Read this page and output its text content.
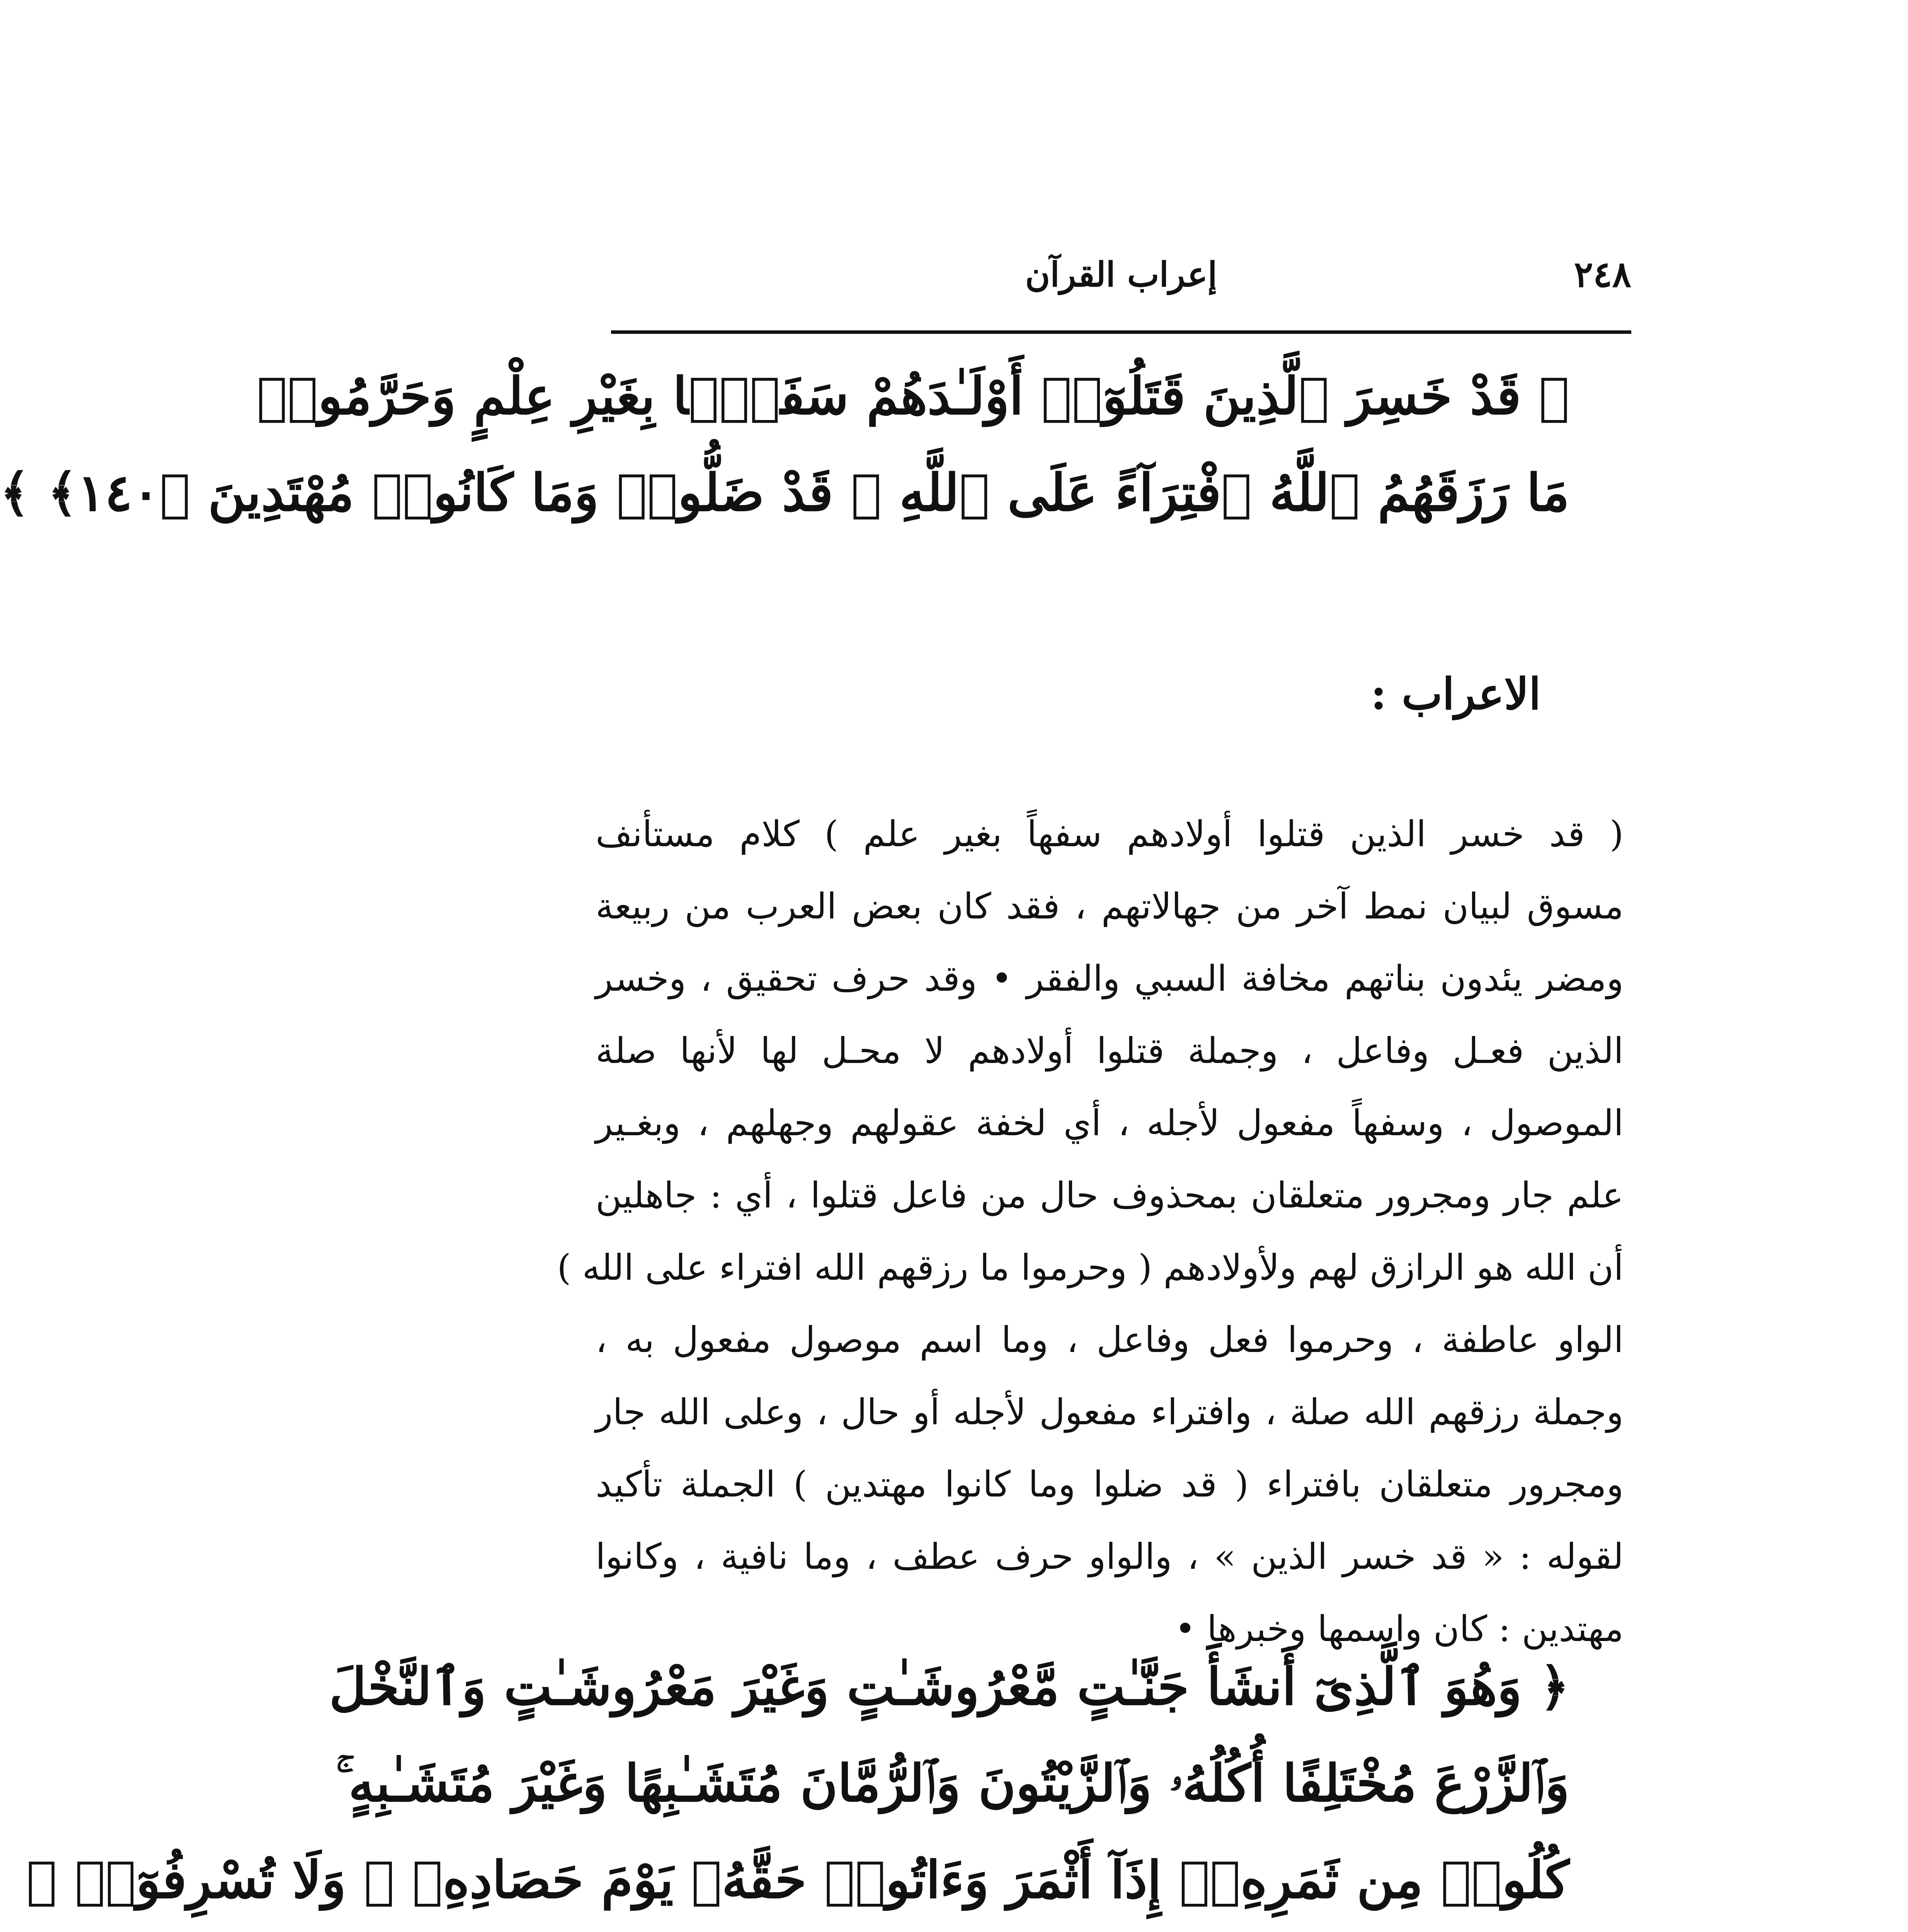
٢٤٨
إعراب القرآن
﴿ قَدْ خَسِرَ ٱلَّذِينَ قَتَلُوٓا۟ أَوْلَـٰدَهُمْ سَفَهًۢا بِغَيْرِ عِلْمٍ وَحَرَّمُوا۟
مَا رَزَقَهُمُ ٱللَّهُ ٱفْتِرَآءً عَلَى ٱللَّهِ ۚ قَدْ ضَلُّوا۟ وَمَا كَانُوا۟ مُهْتَدِينَ ﴿١٤٠﴾ ﴾
الاعراب :
( قد خسر الذين قتلوا أولادهم سفهاً بغير علم ) كلام مستأنف
مسوق لبيان نمط آخر من جهالاتهم ، فقد كان بعض العرب من ربيعة
ومضر يئدون بناتهم مخافة السبي والفقر • وقد حرف تحقيق ، وخسر
الذين فعـل وفاعل ، وجملة قتلوا أولادهم لا محـل لها لأنها صلة
الموصول ، وسفهاً مفعول لأجله ، أي لخفة عقولهم وجهلهم ، وبغـير
علم جار ومجرور متعلقان بمحذوف حال من فاعل قتلوا ، أي : جاهلين
أن الله هو الرازق لهم ولأولادهم ( وحرموا ما رزقهم الله افتراء على الله )
الواو عاطفة ، وحرموا فعل وفاعل ، وما اسم موصول مفعول به ،
وجملة رزقهم الله صلة ، وافتراء مفعول لأجله أو حال ، وعلى الله جار
ومجرور متعلقان بافتراء ( قد ضلوا وما كانوا مهتدين ) الجملة تأكيد
لقوله : « قد خسر الذين » ، والواو حرف عطف ، وما نافية ، وكانوا
مهتدين : كان واسمها وخبرها •
﴿ وَهُوَ ٱلَّذِىٓ أَنشَأَ جَنَّـٰتٍ مَّعْرُوشَـٰتٍ وَغَيْرَ مَعْرُوشَـٰتٍ وَٱلنَّخْلَ
وَٱلزَّرْعَ مُخْتَلِفًا أُكُلُهُۥ وَٱلزَّيْتُونَ وَٱلرُّمَّانَ مُتَشَـٰبِهًا وَغَيْرَ مُتَشَـٰبِهٍ ۚ
كُلُوا۟ مِن ثَمَرِهِۦٓ إِذَآ أَثْمَرَ وَءَاتُوا۟ حَقَّهُۥ يَوْمَ حَصَادِهِۦ ۖ وَلَا تُسْرِفُوٓا۟ ۚ
